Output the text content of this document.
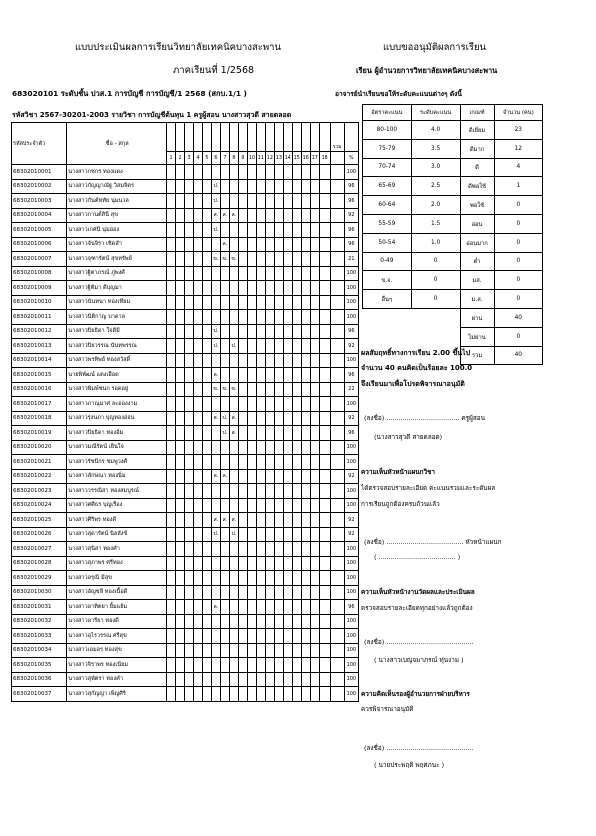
แบบประเมินผลการเรียนวิทยาลัยเทคนิคบางสะพาน	แบบขออนุมัติผลการเรียน
ภาคเรียนที่ 1/2568	เรียน ผู้อำนวยการวิทยาลัยเทคนิคบางสะพาน
6830201​01 ระดับชั้น ปวส.1 การบัญชี การบัญชี/1 2568 (สกบ.1/1 )	อาจารย์นำเรียนขอให้ระดับคะแนนต่างๆ ดังนี้
รหัสวิชา 2567-30201-2003 รายวิชา การบัญชีต้นทุน 1 ครูผู้สอน นางสาวสุวดี สายตลอด
รหัสประจำตัว	ชื่อ - สกุล																			รวม	
		1	2	3	4	5	6	7	8	9	10	11	12	13	14	15	16	17	18		%
68302010001	นางสาวกชกร ทองแดง																				100
68302010002	นางสาวกัญญาณัฐ วิสมจิตร						ป.														96
68302010003	นางสาวกันต์หทัย นุ่มนวล						ป.														96
68302010004	นางสาวกานต์สินี สุข						ส.	ส.	ล.												92
68302010005	นางสาวเกศนี นุ่มอ่อง						ป.														96
68302010006	นางสาวจันจิรา เชิดสำ							ล.													96
68302010007	นางสาวจุฑารัตน์ สุขทรัพย์						ข.	ข.	ข.												21
68302010008	นางสาวฐิตาภรณ์ ภู่พงศ์																				100
68302010009	นางสาวฐิติมา ดีบุญมา																				100
68302010010	นางสาวนันทนา ทองเทียม																				100
68302010011	นางสาวนิติกาญ บาดาล																				100
68302010012	นางสาวปิยธิดา ใจดีมี						ป.														96
68302010013	นางสาวปิยวรรณ นันทพรรณ						ป.		ป.												92
68302010014	นางสาวพรทิพย์ ทองสวัสดิ์																				100
68302010015	นายพิพัฒน์ แตงเอือด						ล.														96
68302010016	นางสาวพิมพ์ชนก รอดอยู่						ข.	ข.	ข.												22
68302010017	นางสาวภาณุมาศ ละอองงาม																				100
68302010018	นางสาวรุ่งนภา บุญทองอ่อน						ส.	ป.	ส.												92
68302010019	นางสาวปิยธิดา ทองอิ่ม							ป.	ส.												96
68302010020	นางสาวมณีรัตน์ เย็นใจ																				100
68302010021	นางสาวรัชนีกร ชมพูวงศ์																				100
68302010022	นางสาวลักษณา ทองนิ่ม						ล.	ล.													92
68302010023	นางสาววรรณิสา ทองสมบูรณ์																				100
68302010024	นางสาวศศิธร บุญเรือง																				100
68302010025	นางสาวศิริพร ทองดี						ส.	ส.	ส.												92
68302010026	นางสาวสุดารัตน์ นิลสังข์						ป.		ป.												92
68302010027	นางสาวสุนิสา ทองคำ																				100
68302010028	นางสาวสุภาพร ศรีทอง																				100
68302010029	นางสาวอรุณี มีสุข																				100
68302010030	นางสาวอัญชลี ทองเนื้อดี																				100
68302010031	นางสาวอาทิตยา ยิ้มแย้ม						ล.														96
68302010032	นางสาวอารียา ทองดี																				100
68302010033	นางสาวอุไรวรรณ ศรีสุข																				100
68302010034	นางสาวเอมอร ทองสุข																				100
68302010035	นางสาวจิราพร ทองเนียม																				100
68302010036	นางสาวสุพัตรา ทองคำ																				100
68302010037	นางสาวสุกัญญา เพ็ญศิริ																				100
อัตราคะแนน	ระดับคะแนน	เกณฑ์	จำนวน (คน)
80-100	4.0	ดีเยี่ยม	23
75-79	3.5	ดีมาก	12
70-74	3.0	ดี	4
65-69	2.5	ดีพอใช้	1
60-64	2.0	พอใช้	0
55-59	1.5	อ่อน	0
50-54	1.0	อ่อนมาก	0
0-49	0	ต่ำ	0
ข.จ.	0	มส.	0
อื่นๆ	0	ม.ส.	0
		ผ่าน	40
		ไม่ผ่าน	0
		รวม	40
ผลสัมฤทธิ์ทางการเรียน 2.00 ขึ้นไป
จำนวน 40 คนคิดเป็นร้อยละ 100.0
จึงเรียนมาเพื่อโปรดพิจารณาอนุมัติ
(ลงชื่อ) .................................... ครูผู้สอน
(นางสาวสุวดี สายตลอด)
ความเห็นหัวหน้าแผนกวิชา
ได้ตรวจสอบรายละเอียด คะแนนรวมและระดับผล
การเรียนถูกต้องครบถ้วนแล้ว
(ลงชื่อ) ...................................... หัวหน้าแผนก
( ...................................... )
ความเห็นหัวหน้างานวัดผลและประเมินผล
ตรวจสอบรายละเอียดทุกอย่างแล้วถูกต้อง
(ลงชื่อ) ...........................................
( นางสาวเบญจมาภรณ์ ทุ่นงาม )
ความคิดเห็นรองผู้อำนวยการฝ่ายบริหาร
ควรพิจารณาอนุมัติ
(ลงชื่อ) ...........................................
( นายประพฤติ พฤศภนะ )
